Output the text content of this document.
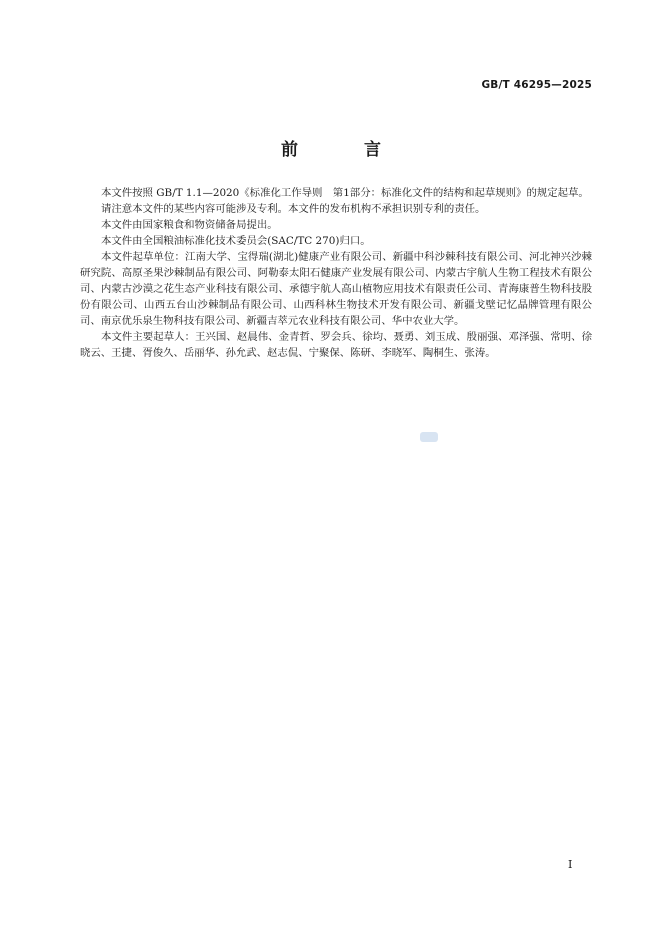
GB/T 46295—2025
前 言

本文件按照 GB/T 1.1—2020《标准化工作导则　第1部分：标准化文件的结构和起草规则》的规定起草。

请注意本文件的某些内容可能涉及专利。本文件的发布机构不承担识别专利的责任。

本文件由国家粮食和物资储备局提出。

本文件由全国粮油标准化技术委员会(SAC/TC 270)归口。

本文件起草单位：江南大学、宝得瑞(湖北)健康产业有限公司、新疆中科沙棘科技有限公司、河北神兴沙棘研究院、高原圣果沙棘制品有限公司、阿勒泰太阳石健康产业发展有限公司、内蒙古宇航人生物工程技术有限公司、内蒙古沙漠之花生态产业科技有限公司、承德宇航人高山植物应用技术有限责任公司、青海康普生物科技股份有限公司、山西五台山沙棘制品有限公司、山西科林生物技术开发有限公司、新疆戈壁记忆晶牌管理有限公司、南京优乐泉生物科技有限公司、新疆吉萃元农业科技有限公司、华中农业大学。

本文件主要起草人：王兴国、赵晨伟、金青哲、罗会兵、徐均、聂勇、刘玉成、殷丽强、邓泽强、常明、徐晓云、王捷、胥俊久、岳丽华、孙允武、赵志侃、宁聚保、陈研、李晓军、陶桐生、张涛。

I
